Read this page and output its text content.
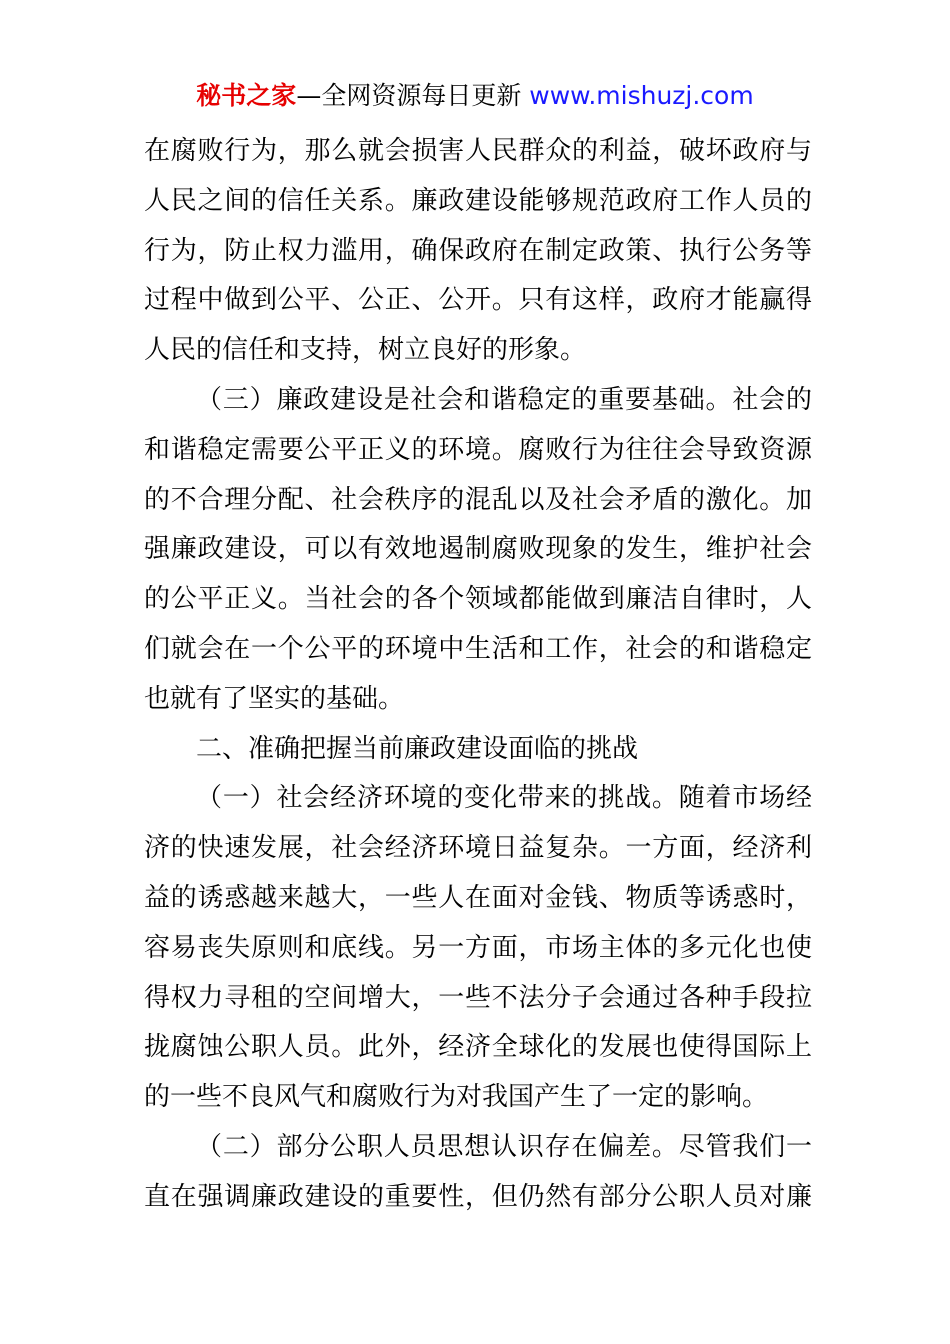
秘书之家—全网资源每日更新 www.mishuzj.com
在腐败行为，那么就会损害人民群众的利益，破坏政府与
人民之间的信任关系。廉政建设能够规范政府工作人员的
行为，防止权力滥用，确保政府在制定政策、执行公务等
过程中做到公平、公正、公开。只有这样，政府才能赢得
人民的信任和支持，树立良好的形象。
（三）廉政建设是社会和谐稳定的重要基础。社会的
和谐稳定需要公平正义的环境。腐败行为往往会导致资源
的不合理分配、社会秩序的混乱以及社会矛盾的激化。加
强廉政建设，可以有效地遏制腐败现象的发生，维护社会
的公平正义。当社会的各个领域都能做到廉洁自律时，人
们就会在一个公平的环境中生活和工作，社会的和谐稳定
也就有了坚实的基础。
二、准确把握当前廉政建设面临的挑战
（一）社会经济环境的变化带来的挑战。随着市场经
济的快速发展，社会经济环境日益复杂。一方面，经济利
益的诱惑越来越大，一些人在面对金钱、物质等诱惑时，
容易丧失原则和底线。另一方面，市场主体的多元化也使
得权力寻租的空间增大，一些不法分子会通过各种手段拉
拢腐蚀公职人员。此外，经济全球化的发展也使得国际上
的一些不良风气和腐败行为对我国产生了一定的影响。
（二）部分公职人员思想认识存在偏差。尽管我们一
直在强调廉政建设的重要性，但仍然有部分公职人员对廉
